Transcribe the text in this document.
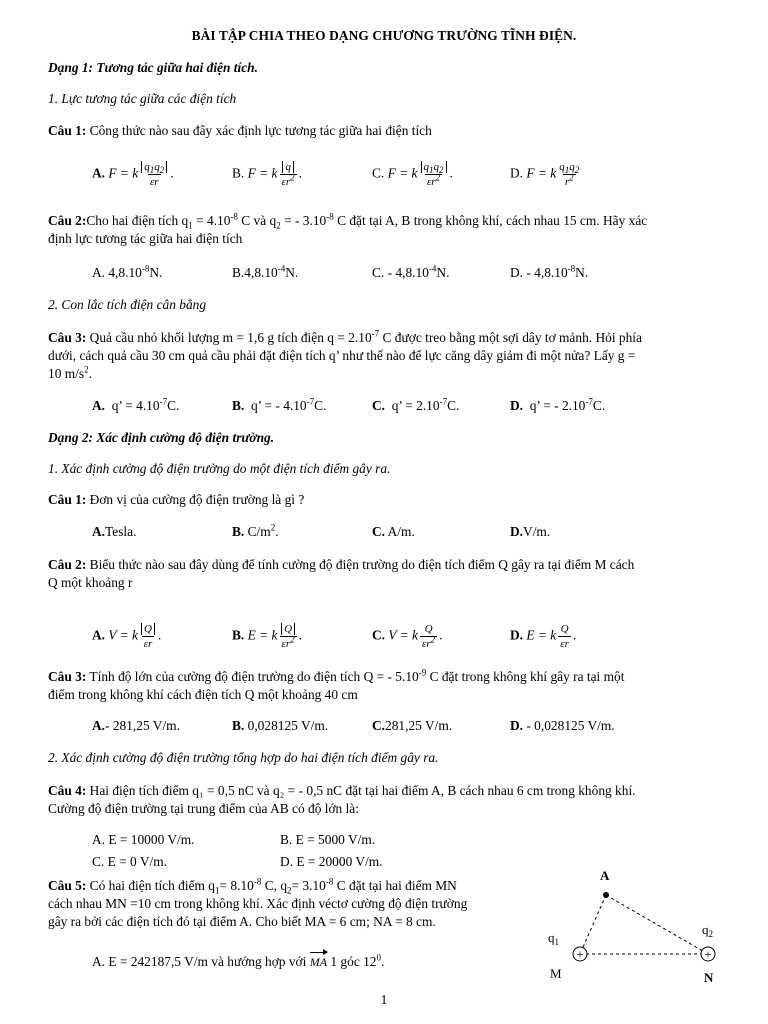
BÀI TẬP CHIA THEO DẠNG CHƯƠNG TRƯỜNG TĨNH ĐIỆN.
Dạng 1: Tương tác giữa hai điện tích.
1. Lực tương tác giữa các điện tích
Câu 1: Công thức nào sau đây xác định lực tương tác giữa hai điện tích
A. F = k $\frac{q_1q_2}{\varepsilon r}$ .	B. F = k $\frac{q}{\varepsilon r^2}$ .	C. F = k $\frac{q_1q_2}{\varepsilon r^2}$ .	D. F = k $\frac{q_1q_2}{r^2}$
Câu 2:Cho hai điện tích $q_1 = 4.10^{-8}$ C và $q_2$ = - $3.10^{-8}$ C đặt tại A, B trong không khí, cách nhau 15 cm. Hãy xác
định lực tương tác giữa hai điện tích
A. $4,8.10^{-8}N$.	$B.4,8.10^{-4}N$.	C. - $4,8.10^{-4}N$.	D. - $4,8.10^{-8}N$.
2. Con lắc tích điện cân bằng
Câu 3: Quả cầu nhỏ khối lượng m = 1,6 g tích điện $q = 2.10^{-7}$ C được treo bằng một sợi dây tơ mảnh. Hỏi phía
dưới, cách quả cầu 30 cm quả cầu phải đặt điện tích q’ như thế nào để lực căng dây giảm đi một nửa? Lấy g =
10 $m/s^2$.
A. q’ = $4.10^{-7}C$.	B. q’ = - $4.10^{-7}C$.	C. q’ = $2.10^{-7}C$.	D. q’ = - $2.10^{-7}C$.
Dạng 2: Xác định cường độ điện trường.
1. Xác định cường độ điện trường do một điện tích điểm gây ra.
Câu 1: Đơn vị của cường độ điện trường là gì ?
A.Tesla.	B. $C/m^2$.	C. A/m.	D.V/m.
Câu 2: Biểu thức nào sau đây dùng để tính cường độ điện trường do điện tích điểm Q gây ra tại điểm M cách
Q một khoảng r
A. V = k $\frac{Q}{\varepsilon r}$ .	B. E = k $\frac{Q}{\varepsilon r^2}$ .	C. V = k $\frac{Q}{\varepsilon r^2}$ .	D. E = k $\frac{Q}{\varepsilon r}$ .
Câu 3: Tính độ lớn của cường độ điện trường do điện tích Q = - $5.10^{-9}$ C đặt trong không khí gây ra tại một
điểm trong không khí cách điện tích Q một khoảng 40 cm
A.- 281,25 V/m.	B. 0,028125 V/m.	C.281,25 V/m.	D. - 0,028125 V/m.
2. Xác định cường độ điện trường tổng hợp do hai điện tích điểm gây ra.
Câu 4: Hai điện tích điểm q₁ = 0,5 nC và q₂ = - 0,5 nC đặt tại hai điểm A, B cách nhau 6 cm trong không khí.
Cường độ điện trường tại trung điểm của AB có độ lớn là:
A. E = 10000 V/m.	B. E = 5000 V/m.
C. E = 0 V/m.	D. E = 20000 V/m.
Câu 5: Có hai điện tích điểm $q_1= 8.10^{-8}$ C, $q_2= 3.10^{-8}$ C đặt tại hai điểm MN
cách nhau MN =10 cm trong không khí. Xác định véctơ cường độ điện trường
gây ra bởi các điện tích đó tại điểm A. Cho biết MA = 6 cm; NA = 8 cm.
A. E = 242187,5 V/m và hướng hợp với MA 1 góc $12^0$.	+	+
A
$q_1$
$q_2$
M	N
1
